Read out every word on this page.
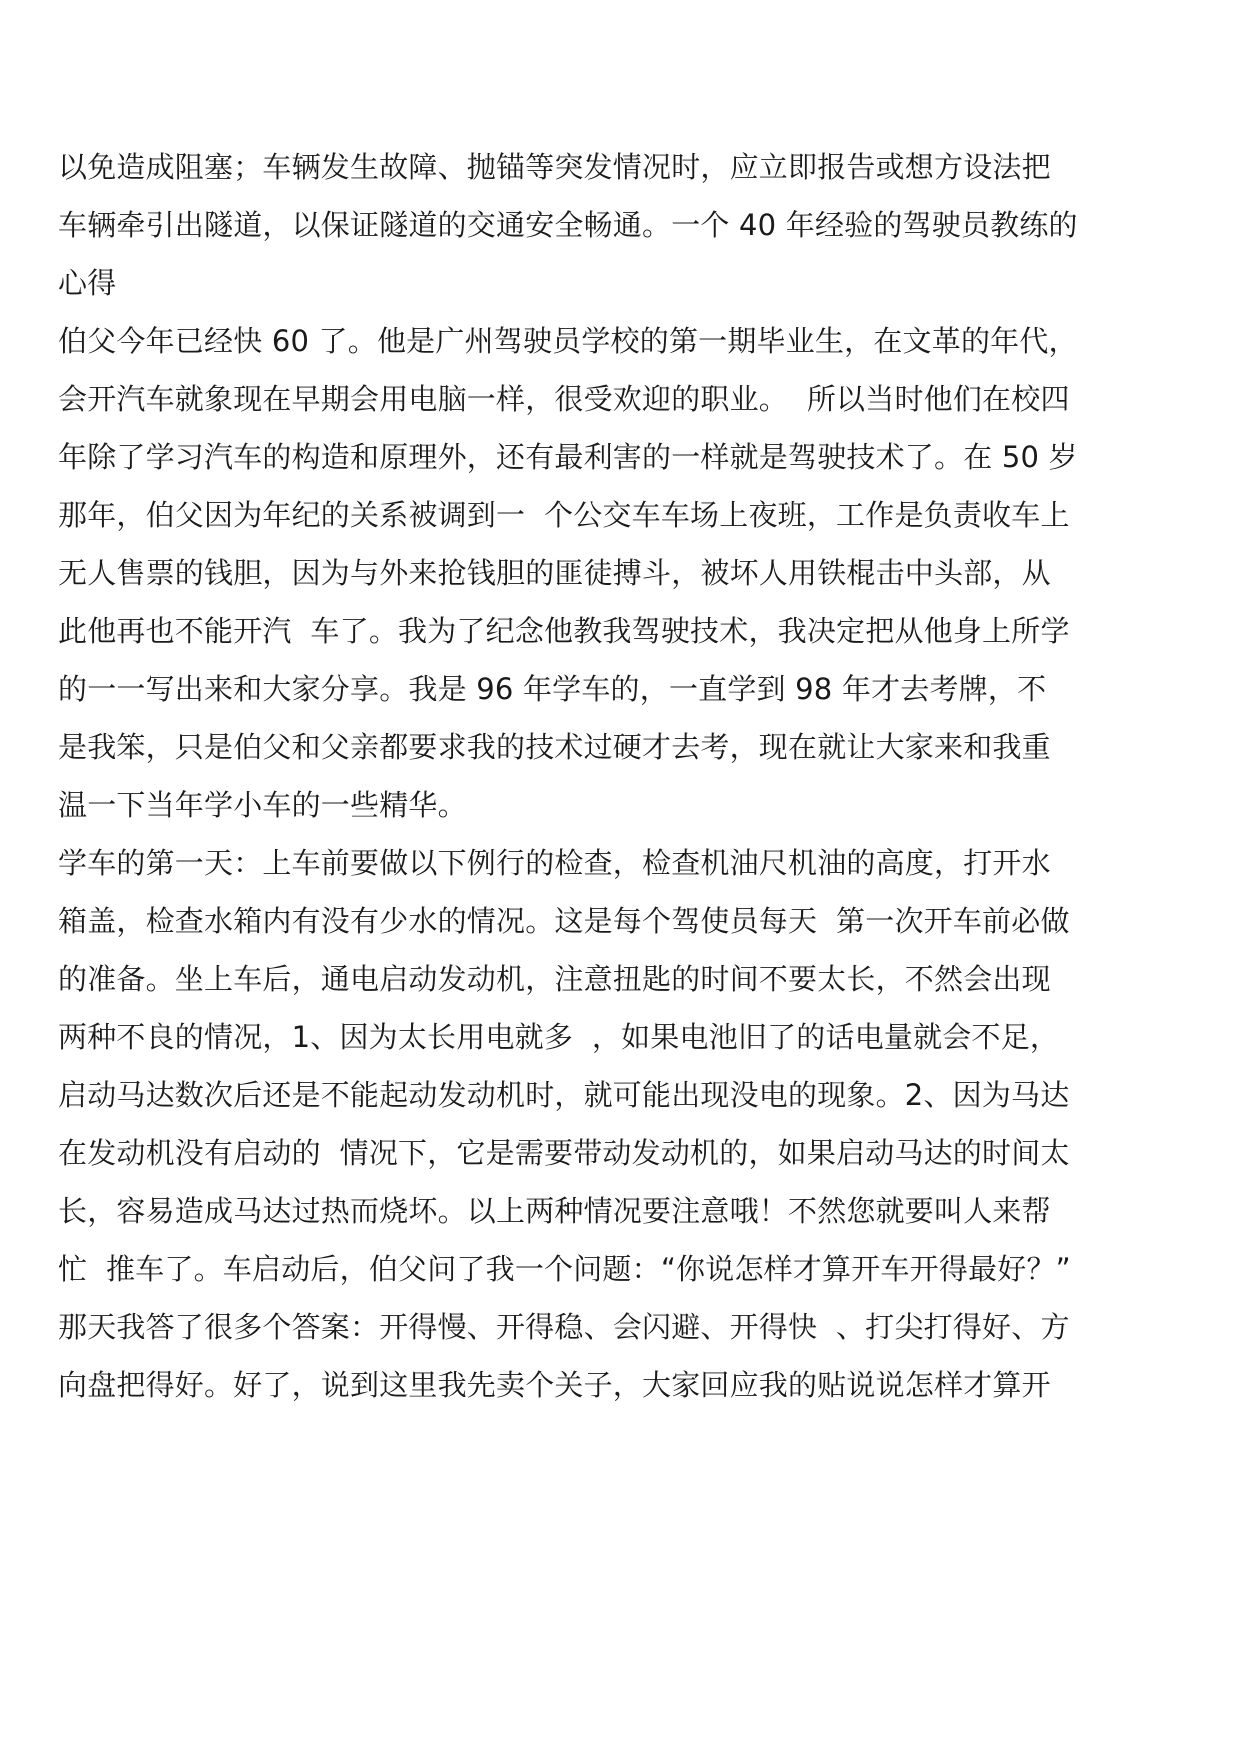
以免造成阻塞；车辆发生故障、抛锚等突发情况时，应立即报告或想方设法把
车辆牵引出隧道，以保证隧道的交通安全畅通。一个 40 年经验的驾驶员教练的
心得
伯父今年已经快 60 了。他是广州驾驶员学校的第一期毕业生，在文革的年代，
会开汽车就象现在早期会用电脑一样，很受欢迎的职业。  所以当时他们在校四
年除了学习汽车的构造和原理外，还有最利害的一样就是驾驶技术了。在 50 岁
那年，伯父因为年纪的关系被调到一  个公交车车场上夜班，工作是负责收车上
无人售票的钱胆，因为与外来抢钱胆的匪徒搏斗，被坏人用铁棍击中头部，从
此他再也不能开汽  车了。我为了纪念他教我驾驶技术，我决定把从他身上所学
的一一写出来和大家分享。我是 96 年学车的，一直学到 98 年才去考牌，不
是我笨，只是伯父和父亲都要求我的技术过硬才去考，现在就让大家来和我重
温一下当年学小车的一些精华。
学车的第一天：上车前要做以下例行的检查，检查机油尺机油的高度，打开水
箱盖，检查水箱内有没有少水的情况。这是每个驾使员每天  第一次开车前必做
的准备。坐上车后，通电启动发动机，注意扭匙的时间不要太长，不然会出现
两种不良的情况，1、因为太长用电就多  ，如果电池旧了的话电量就会不足，
启动马达数次后还是不能起动发动机时，就可能出现没电的现象。2、因为马达
在发动机没有启动的  情况下，它是需要带动发动机的，如果启动马达的时间太
长，容易造成马达过热而烧坏。以上两种情况要注意哦！不然您就要叫人来帮
忙  推车了。车启动后，伯父问了我一个问题：“你说怎样才算开车开得最好？”
那天我答了很多个答案：开得慢、开得稳、会闪避、开得快  、打尖打得好、方
向盘把得好。好了，说到这里我先卖个关子，大家回应我的贴说说怎样才算开
